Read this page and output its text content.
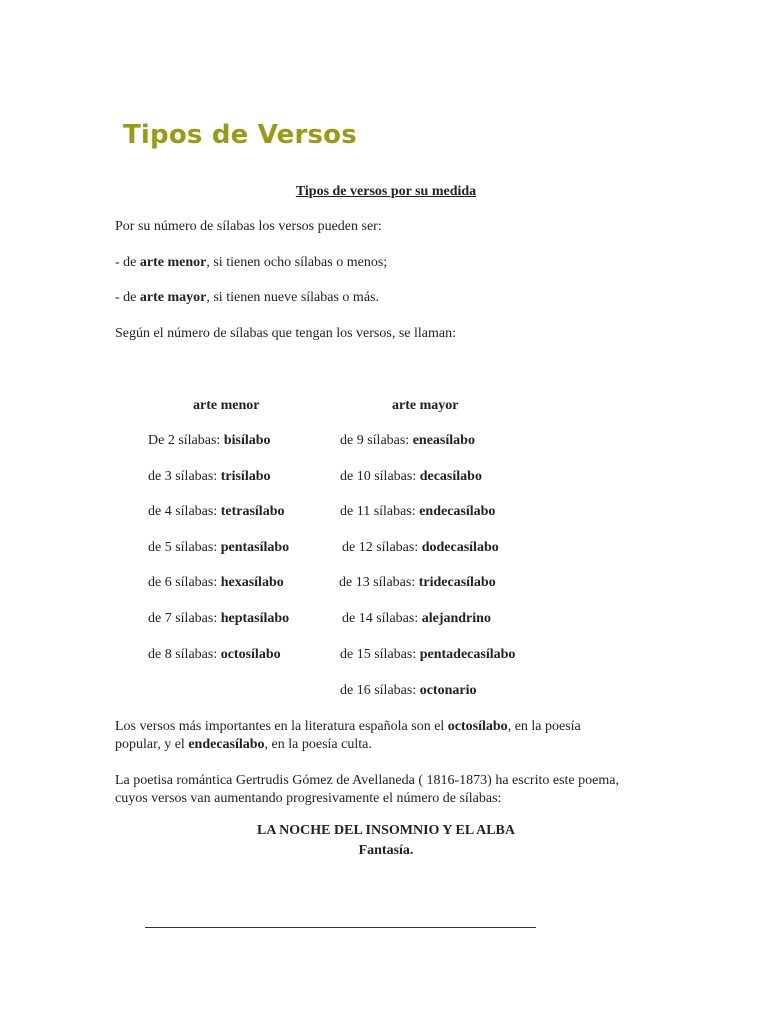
Tipos de Versos
Tipos de versos por su medida
Por su número de sílabas los versos pueden ser:
- de arte menor, si tienen ocho sílabas o menos;
- de arte mayor, si tienen nueve sílabas o más.
Según el número de sílabas que tengan los versos, se llaman:
arte menor	arte mayor
De 2 sílabas: bisílabo
de 3 sílabas: trisílabo
de 4 sílabas: tetrasílabo
de 5 sílabas: pentasílabo
de 6 sílabas: hexasílabo
de 7 sílabas: heptasílabo
de 8 sílabas: octosílabo
de 9 sílabas: eneasílabo
de 10 sílabas: decasílabo
de 11 sílabas: endecasílabo
de 12 sílabas: dodecasílabo
de 13 sílabas: tridecasílabo
de 14 sílabas: alejandrino
de 15 sílabas: pentadecasílabo
de 16 sílabas: octonario
Los versos más importantes en la literatura española son el octosílabo, en la poesía
popular, y el endecasílabo, en la poesía culta.
La poetisa romántica Gertrudis Gómez de Avellaneda ( 1816-1873) ha escrito este poema,
cuyos versos van aumentando progresivamente el número de sílabas:
LA NOCHE DEL INSOMNIO Y EL ALBA
Fantasía.
